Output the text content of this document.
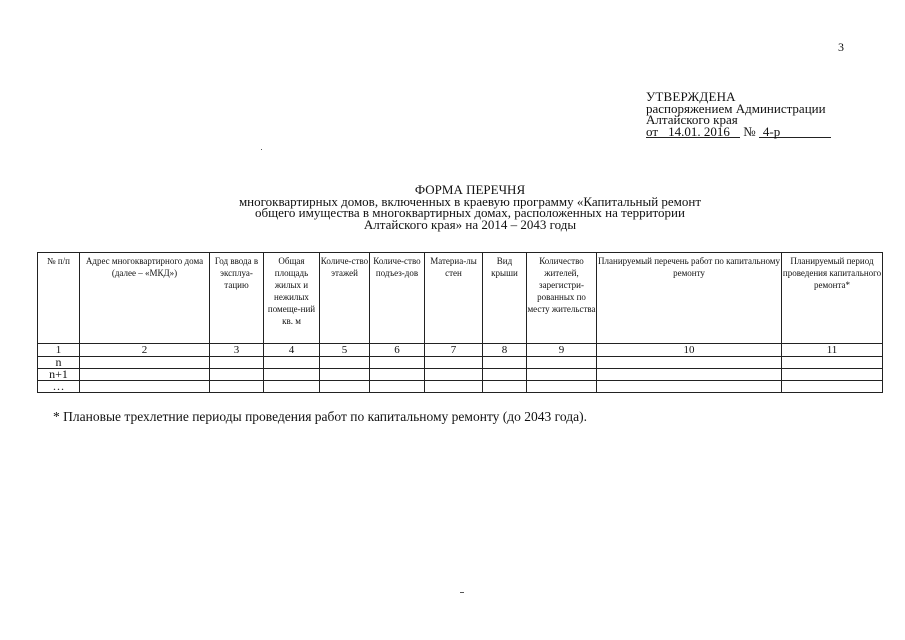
3
УТВЕРЖДЕНА
распоряжением Администрации
Алтайского края
от 14.01. 2016 № 4-р
ФОРМА ПЕРЕЧНЯ
многоквартирных домов, включенных в краевую программу «Капитальный ремонт
общего имущества в многоквартирных домах, расположенных на территории
Алтайского края» на 2014 – 2043 годы
№ п/п	Адрес многоквартирного дома (далее – «МКД»)	Год ввода в эксплуа-тацию	Общая площадь жилых и нежилых помеще-ний кв. м	Количе-ство этажей	Количе-ство подъез-дов	Материа-лы стен	Вид крыши	Количество жителей, зарегистри-рованных по месту жительства	Планируемый перечень работ по капитальному ремонту	Планируемый период проведения капитального ремонта*
1	2	3	4	5	6	7	8	9	10	11
n										
n+1										
…										
* Плановые трехлетние периоды проведения работ по капитальному ремонту (до 2043 года).
